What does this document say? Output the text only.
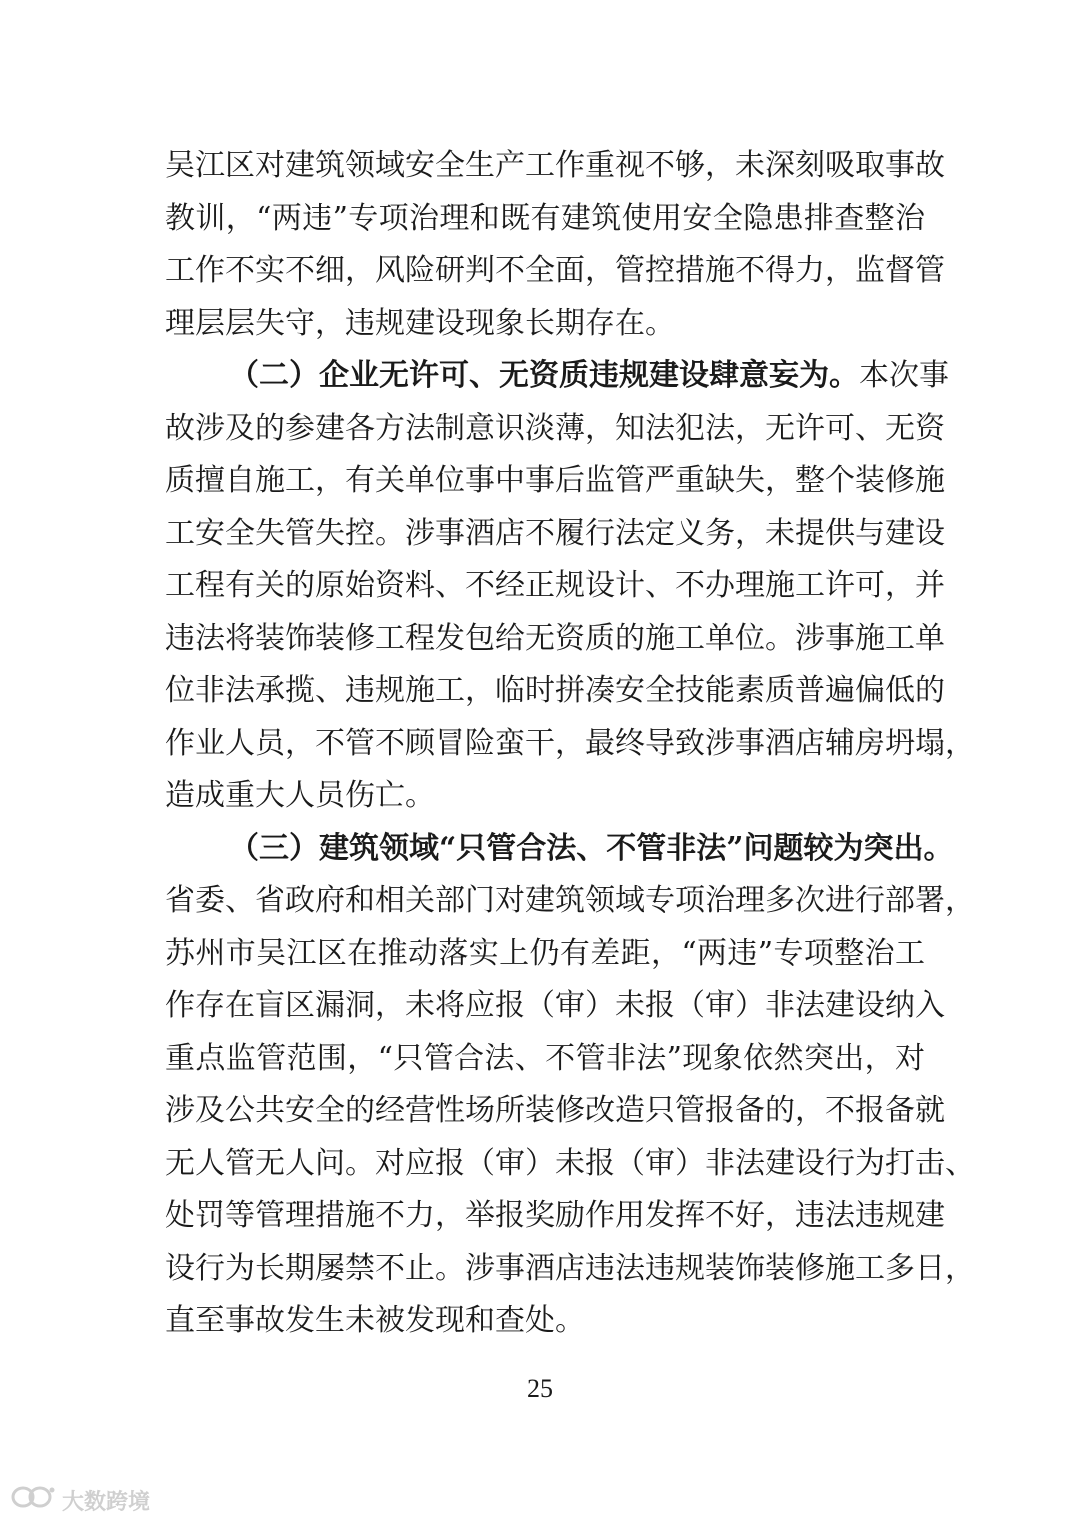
吴江区对建筑领域安全生产工作重视不够，未深刻吸取事故
教训，“两违”专项治理和既有建筑使用安全隐患排查整治
工作不实不细，风险研判不全面，管控措施不得力，监督管
理层层失守，违规建设现象长期存在。
（二）企业无许可、无资质违规建设肆意妄为。本次事
故涉及的参建各方法制意识淡薄，知法犯法，无许可、无资
质擅自施工，有关单位事中事后监管严重缺失，整个装修施
工安全失管失控。涉事酒店不履行法定义务，未提供与建设
工程有关的原始资料、不经正规设计、不办理施工许可，并
违法将装饰装修工程发包给无资质的施工单位。涉事施工单
位非法承揽、违规施工，临时拼凑安全技能素质普遍偏低的
作业人员，不管不顾冒险蛮干，最终导致涉事酒店辅房坍塌，
造成重大人员伤亡。
（三）建筑领域“只管合法、不管非法”问题较为突出。
省委、省政府和相关部门对建筑领域专项治理多次进行部署，
苏州市吴江区在推动落实上仍有差距，“两违”专项整治工
作存在盲区漏洞，未将应报（审）未报（审）非法建设纳入
重点监管范围，“只管合法、不管非法”现象依然突出，对
涉及公共安全的经营性场所装修改造只管报备的，不报备就
无人管无人问。对应报（审）未报（审）非法建设行为打击、
处罚等管理措施不力，举报奖励作用发挥不好，违法违规建
设行为长期屡禁不止。涉事酒店违法违规装饰装修施工多日，
直至事故发生未被发现和查处。
25
大数跨境
